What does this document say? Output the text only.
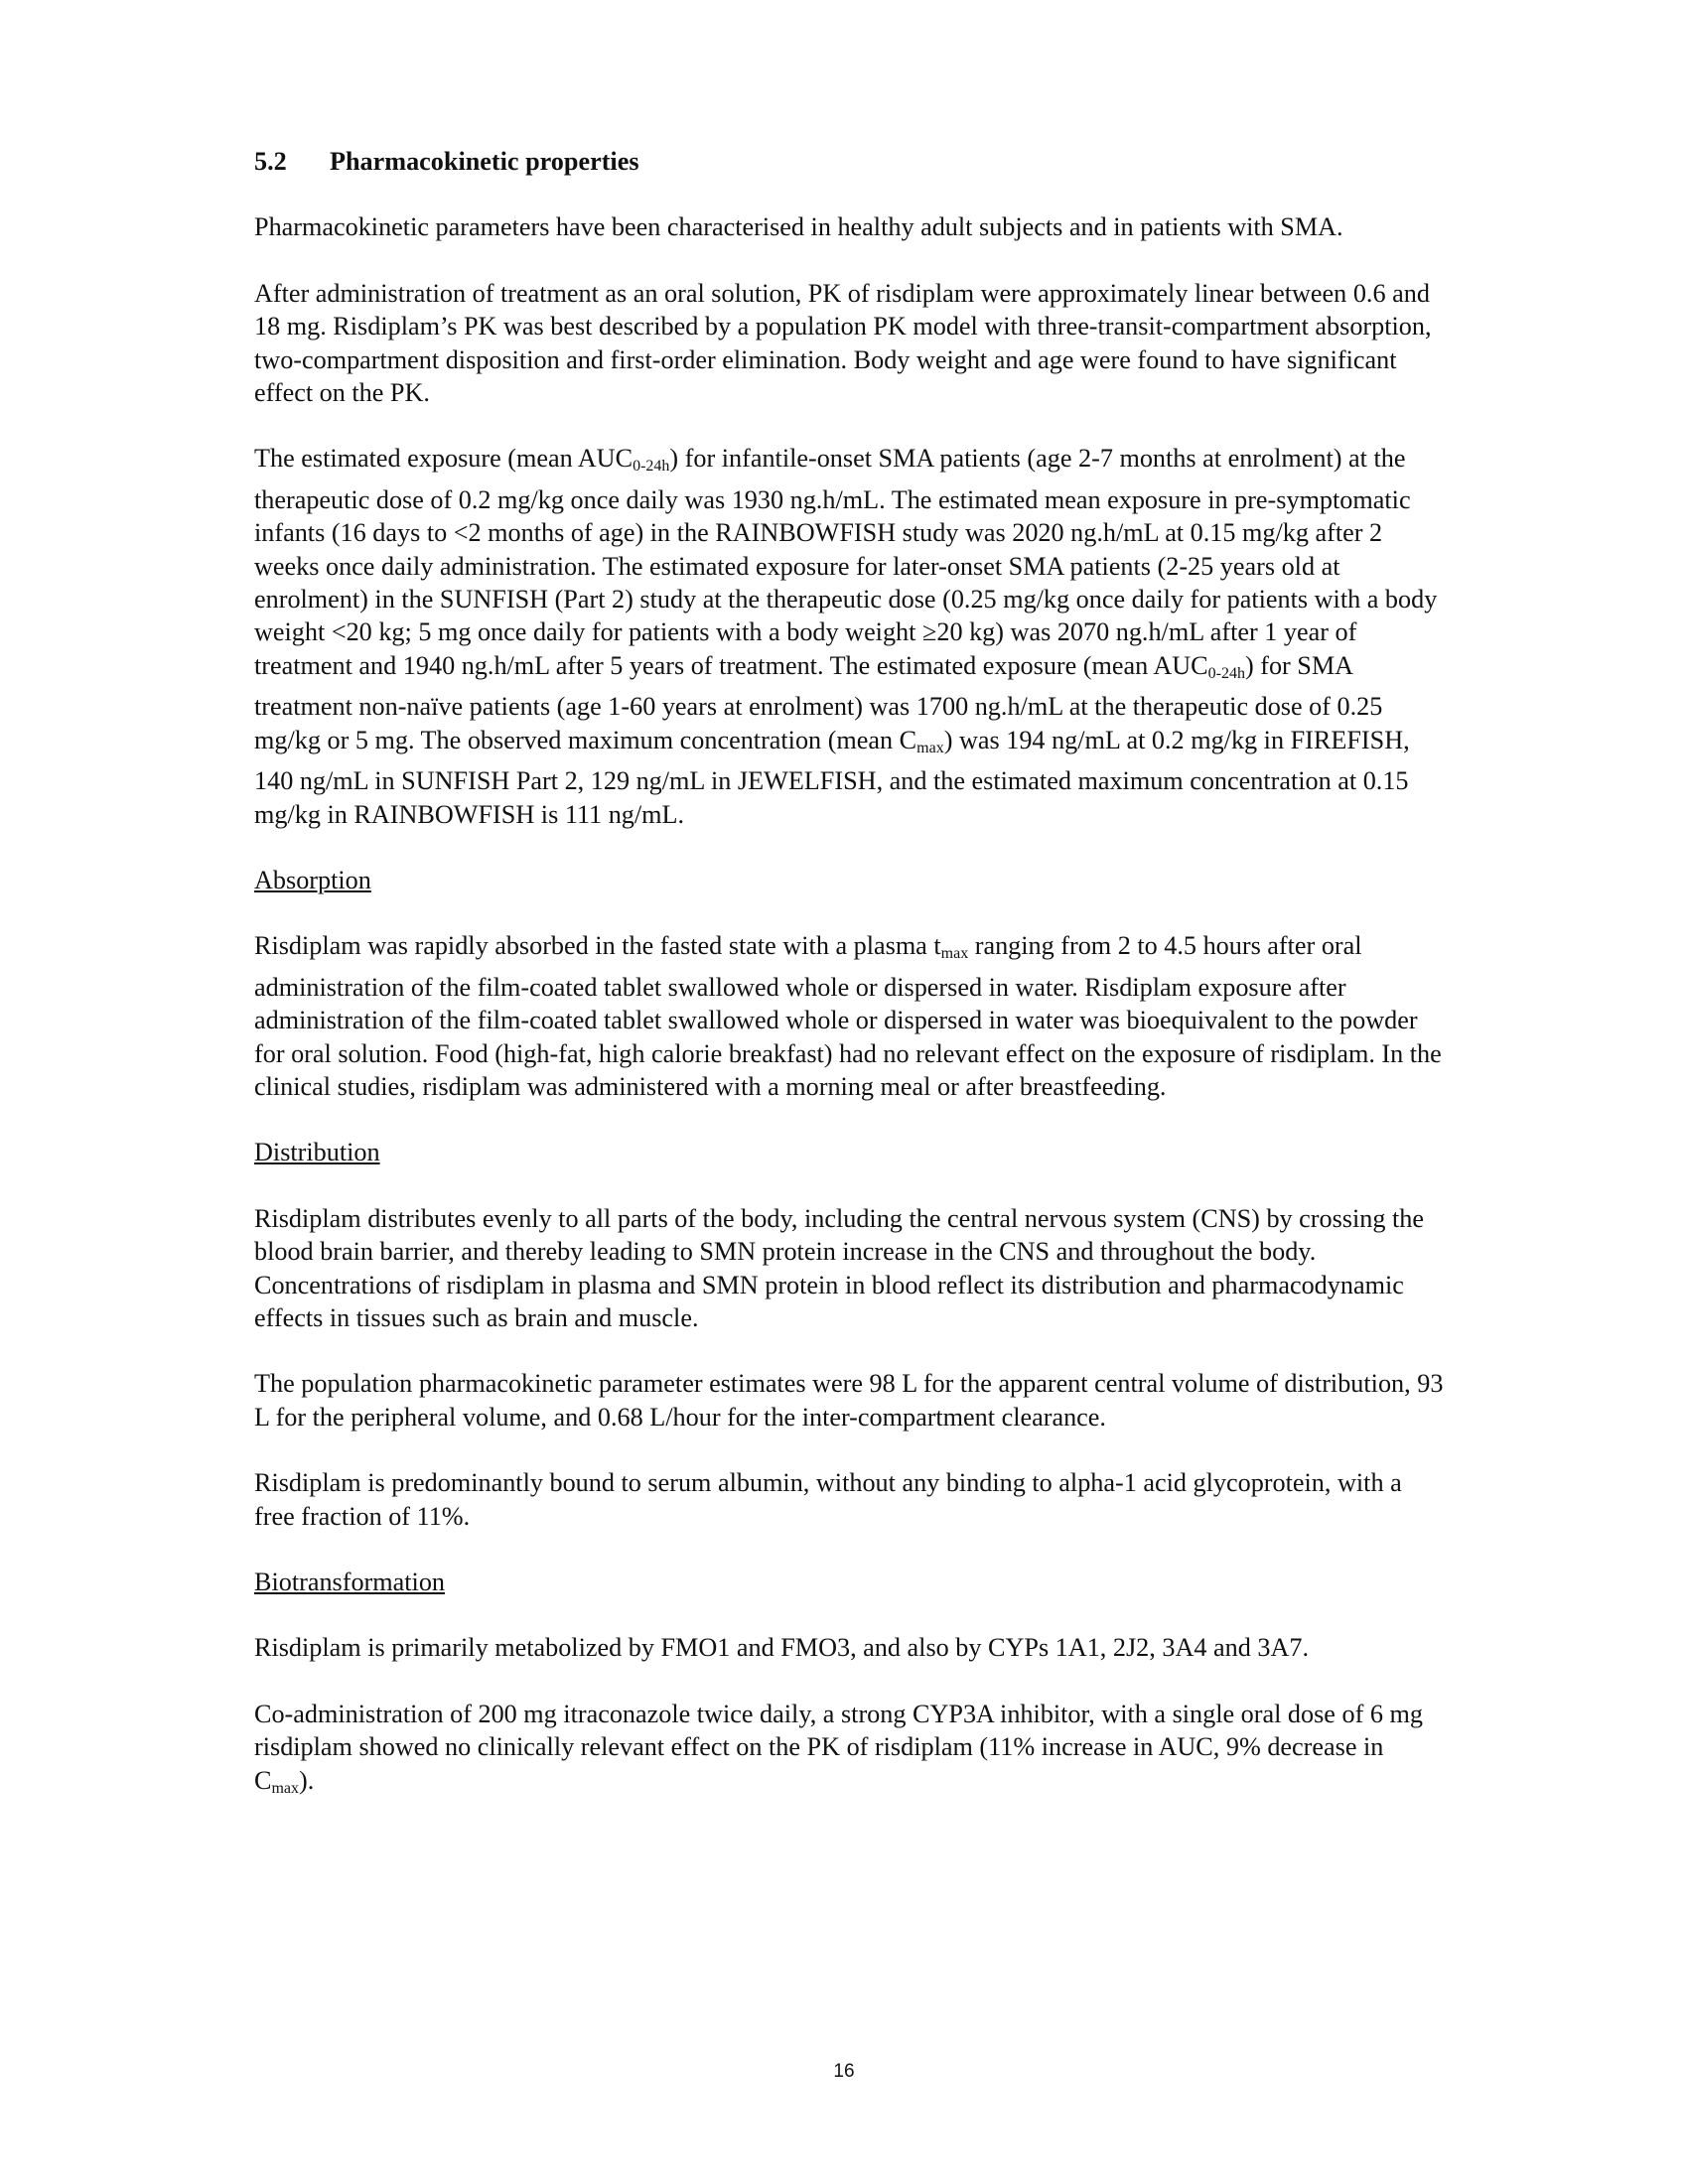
5.2 Pharmacokinetic properties

Pharmacokinetic parameters have been characterised in healthy adult subjects and in patients with SMA.

After administration of treatment as an oral solution, PK of risdiplam were approximately linear between 0.6 and 18 mg. Risdiplam’s PK was best described by a population PK model with three-transit-compartment absorption, two-compartment disposition and first-order elimination. Body weight and age were found to have significant effect on the PK.

The estimated exposure (mean $AUC_{0-24h}$) for infantile-onset SMA patients (age 2-7 months at enrolment) at the therapeutic dose of 0.2 mg/kg once daily was 1930 ng.h/mL. The estimated mean exposure in pre-symptomatic infants (16 days to <2 months of age) in the RAINBOWFISH study was 2020 ng.h/mL at 0.15 mg/kg after 2 weeks once daily administration. The estimated exposure for later-onset SMA patients (2-25 years old at enrolment) in the SUNFISH (Part 2) study at the therapeutic dose (0.25 mg/kg once daily for patients with a body weight <20 kg; 5 mg once daily for patients with a body weight ≥20 kg) was 2070 ng.h/mL after 1 year of treatment and 1940 ng.h/mL after 5 years of treatment. The estimated exposure (mean $AUC_{0-24h}$) for SMA treatment non-naïve patients (age 1-60 years at enrolment) was 1700 ng.h/mL at the therapeutic dose of 0.25 mg/kg or 5 mg. The observed maximum concentration (mean $C_{max}$) was 194 ng/mL at 0.2 mg/kg in FIREFISH, 140 ng/mL in SUNFISH Part 2, 129 ng/mL in JEWELFISH, and the estimated maximum concentration at 0.15 mg/kg in RAINBOWFISH is 111 ng/mL.

Absorption

Risdiplam was rapidly absorbed in the fasted state with a plasma $t_{max}$ ranging from 2 to 4.5 hours after oral administration of the film-coated tablet swallowed whole or dispersed in water. Risdiplam exposure after administration of the film-coated tablet swallowed whole or dispersed in water was bioequivalent to the powder for oral solution. Food (high-fat, high calorie breakfast) had no relevant effect on the exposure of risdiplam. In the clinical studies, risdiplam was administered with a morning meal or after breastfeeding.

Distribution

Risdiplam distributes evenly to all parts of the body, including the central nervous system (CNS) by crossing the blood brain barrier, and thereby leading to SMN protein increase in the CNS and throughout the body. Concentrations of risdiplam in plasma and SMN protein in blood reflect its distribution and pharmacodynamic effects in tissues such as brain and muscle.

The population pharmacokinetic parameter estimates were 98 L for the apparent central volume of distribution, 93 L for the peripheral volume, and 0.68 L/hour for the inter-compartment clearance.

Risdiplam is predominantly bound to serum albumin, without any binding to alpha-1 acid glycoprotein, with a free fraction of 11%.

Biotransformation

Risdiplam is primarily metabolized by FMO1 and FMO3, and also by CYPs 1A1, 2J2, 3A4 and 3A7.

Co-administration of 200 mg itraconazole twice daily, a strong CYP3A inhibitor, with a single oral dose of 6 mg risdiplam showed no clinically relevant effect on the PK of risdiplam (11% increase in AUC, 9% decrease in $C_{max}$).

16
